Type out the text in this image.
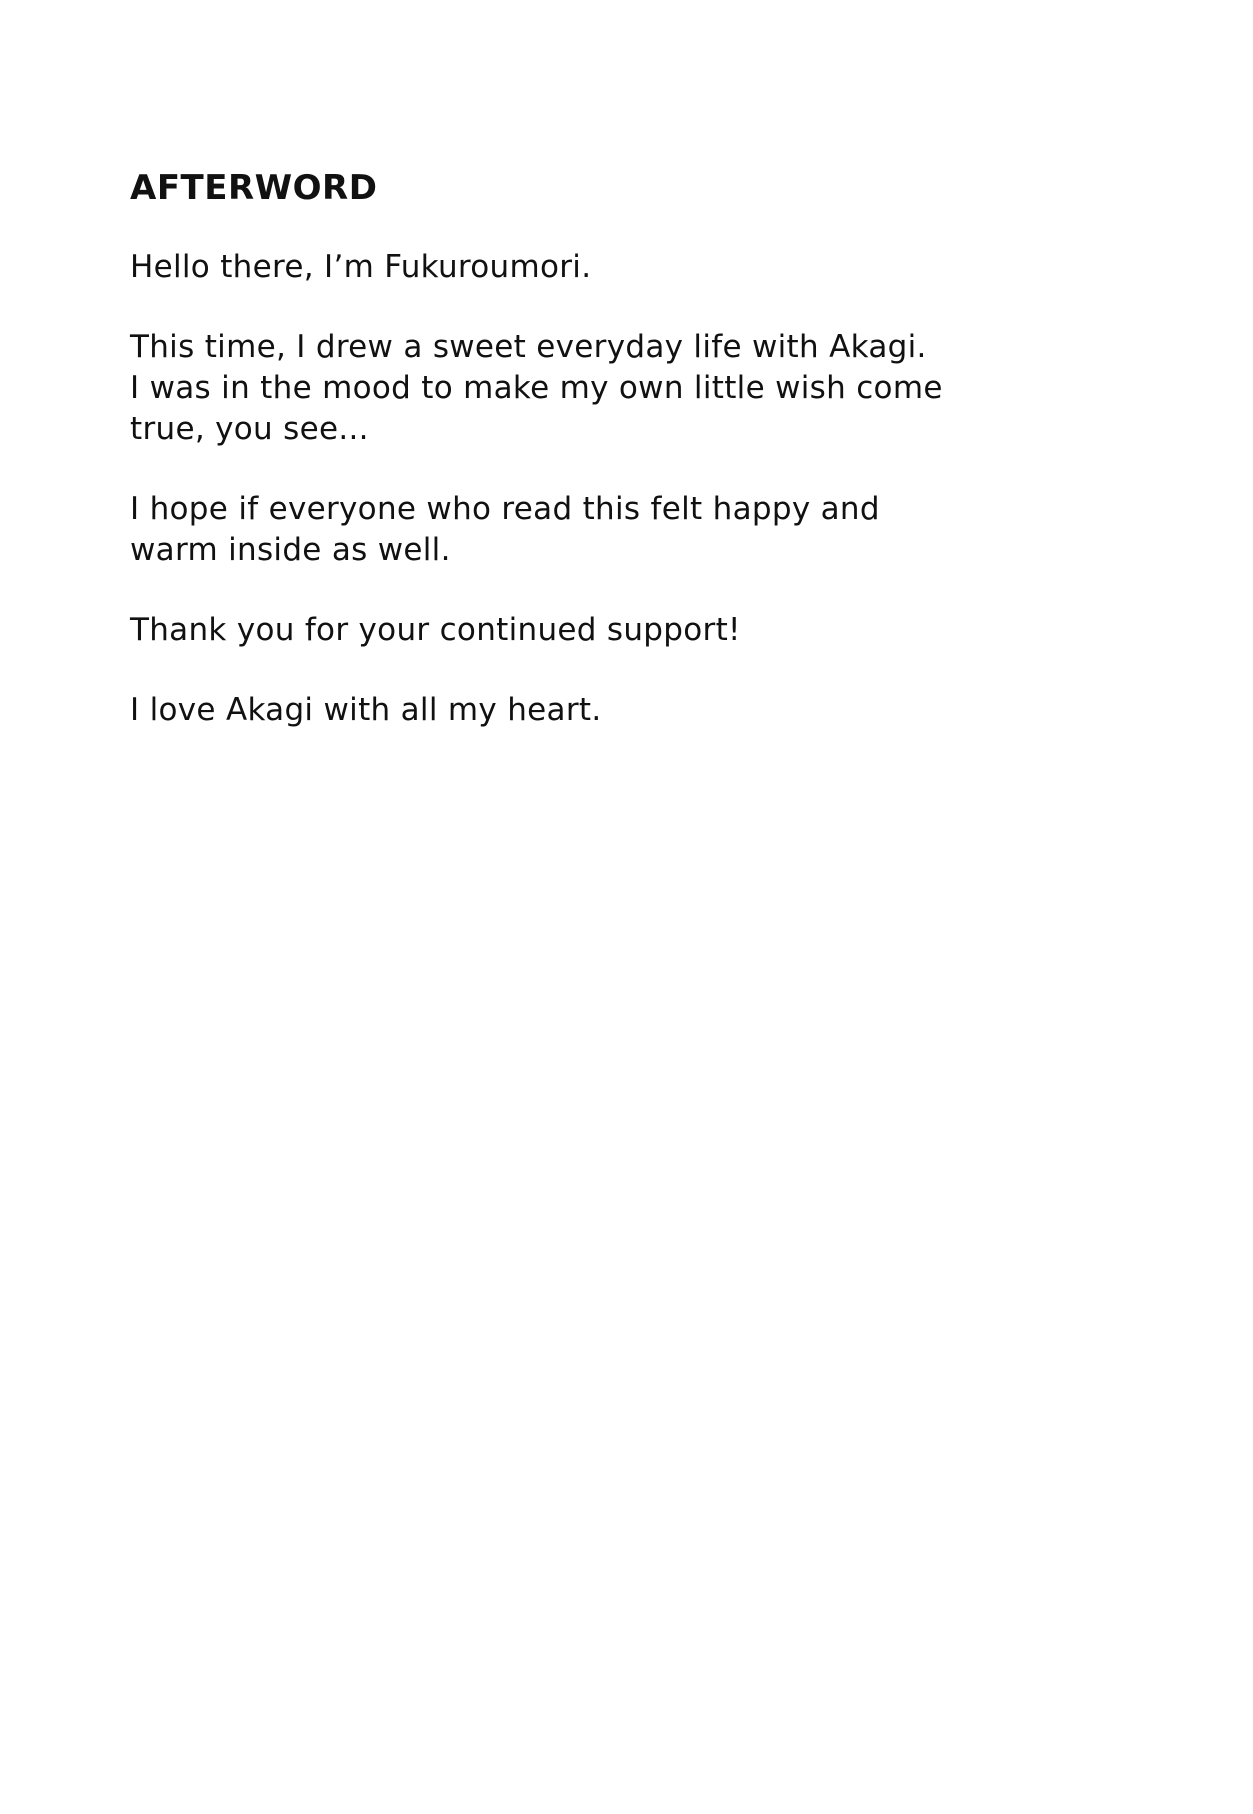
AFTERWORD

Hello there, I’m Fukuroumori.

This time, I drew a sweet everyday life with Akagi.
I was in the mood to make my own little wish come
true, you see...

I hope if everyone who read this felt happy and
warm inside as well.

Thank you for your continued support!

I love Akagi with all my heart.
